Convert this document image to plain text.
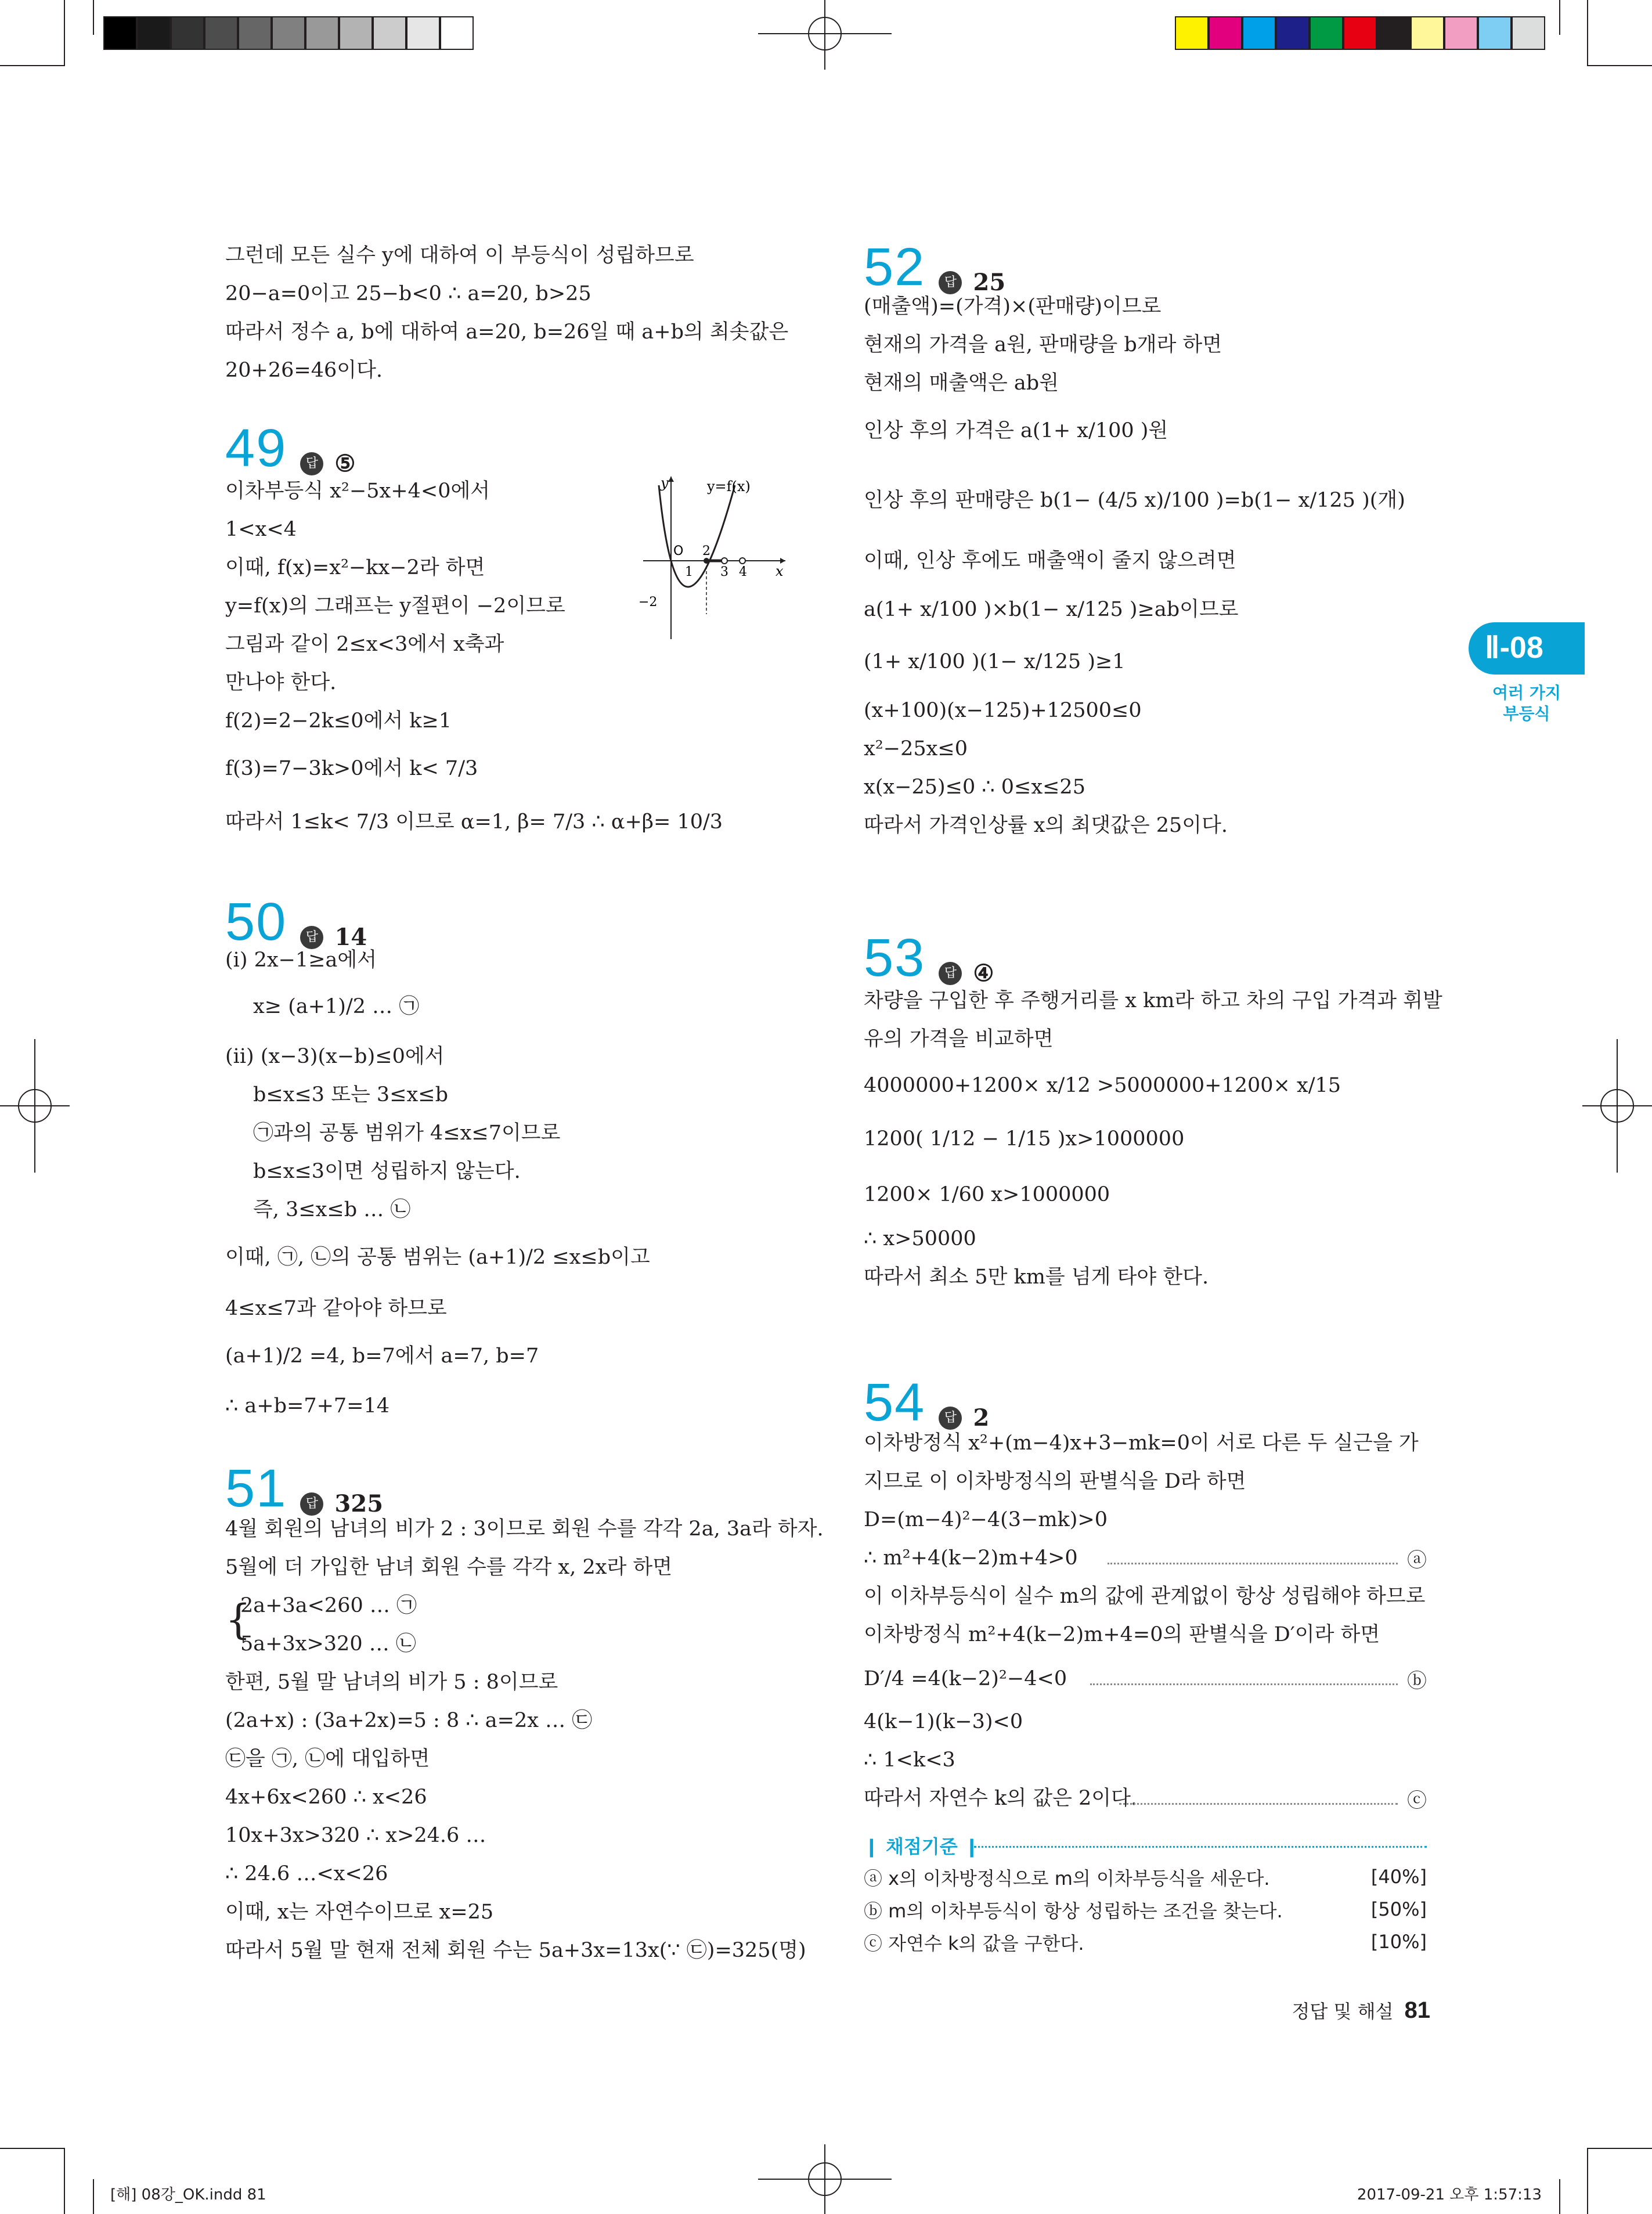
Ⅱ-08
여러 가지
부등식
그런데 모든 실수 y에 대하여 이 부등식이 성립하므로
20−a=0이고 25−b<0 ∴ a=20, b>25
따라서 정수 a, b에 대하여 a=20, b=26일 때 a+b의 최솟값은
20+26=46이다.
49 답 ⑤
이차부등식 x²−5x+4<0에서
1<x<4
이때, f(x)=x²−kx−2라 하면
y=f(x)의 그래프는 y절편이 −2이므로
그림과 같이 2≤x<3에서 x축과
만나야 한다.
f(2)=2−2k≤0에서 k≥1
f(3)=7−3k>0에서 k< 7/3
따라서 1≤k< 7/3 이므로 α=1, β= 7/3 ∴ α+β= 10/3
y	y=f(x)
O 2
1 3 4 x
−2
50 답 14
(ⅰ) 2x−1≥a에서
x≥ (a+1)/2 … ㉠
(ⅱ) (x−3)(x−b)≤0에서
b≤x≤3 또는 3≤x≤b
㉠과의 공통 범위가 4≤x≤7이므로
b≤x≤3이면 성립하지 않는다.
즉, 3≤x≤b … ㉡
이때, ㉠, ㉡의 공통 범위는 (a+1)/2 ≤x≤b이고
4≤x≤7과 같아야 하므로
(a+1)/2 =4, b=7에서 a=7, b=7
∴ a+b=7+7=14
51 답 325
4월 회원의 남녀의 비가 2 : 3이므로 회원 수를 각각 2a, 3a라 하자.
5월에 더 가입한 남녀 회원 수를 각각 x, 2x라 하면
{
2a+3a<260 … ㉠
5a+3x>320 … ㉡
한편, 5월 말 남녀의 비가 5 : 8이므로
(2a+x) : (3a+2x)=5 : 8 ∴ a=2x … ㉢
㉢을 ㉠, ㉡에 대입하면
4x+6x<260 ∴ x<26
10x+3x>320 ∴ x>24.6 …
∴ 24.6 …<x<26
이때, x는 자연수이므로 x=25
따라서 5월 말 현재 전체 회원 수는 5a+3x=13x(∵ ㉢)=325(명)
52 답 25
(매출액)=(가격)×(판매량)이므로
현재의 가격을 a원, 판매량을 b개라 하면
현재의 매출액은 ab원
인상 후의 가격은 a(1+ x/100 )원
인상 후의 판매량은 b(1− (4/5 x)/100 )=b(1− x/125 )(개)
이때, 인상 후에도 매출액이 줄지 않으려면
a(1+ x/100 )×b(1− x/125 )≥ab이므로
(1+ x/100 )(1− x/125 )≥1
(x+100)(x−125)+12500≤0
x²−25x≤0
x(x−25)≤0 ∴ 0≤x≤25
따라서 가격인상률 x의 최댓값은 25이다.
53 답 ④
차량을 구입한 후 주행거리를 x km라 하고 차의 구입 가격과 휘발
유의 가격을 비교하면
4000000+1200× x/12 >5000000+1200× x/15
1200( 1/12 − 1/15 )x>1000000
1200× 1/60 x>1000000
∴ x>50000
따라서 최소 5만 km를 넘게 타야 한다.
54 답 2
이차방정식 x²+(m−4)x+3−mk=0이 서로 다른 두 실근을 가
지므로 이 이차방정식의 판별식을 D라 하면
D=(m−4)²−4(3−mk)>0
∴ m²+4(k−2)m+4>0	ⓐ
이 이차부등식이 실수 m의 값에 관계없이 항상 성립해야 하므로
이차방정식 m²+4(k−2)m+4=0의 판별식을 D′이라 하면
D′/4 =4(k−2)²−4<0	ⓑ
4(k−1)(k−3)<0
∴ 1<k<3
따라서 자연수 k의 값은 2이다.	ⓒ
❙ 채점기준 ❙
ⓐ x의 이차방정식으로 m의 이차부등식을 세운다.	[40%]
ⓑ m의 이차부등식이 항상 성립하는 조건을 찾는다.	[50%]
ⓒ 자연수 k의 값을 구한다.	[10%]
정답 및 해설 81
[해] 08강_OK.indd 81	2017-09-21 오후 1:57:13
